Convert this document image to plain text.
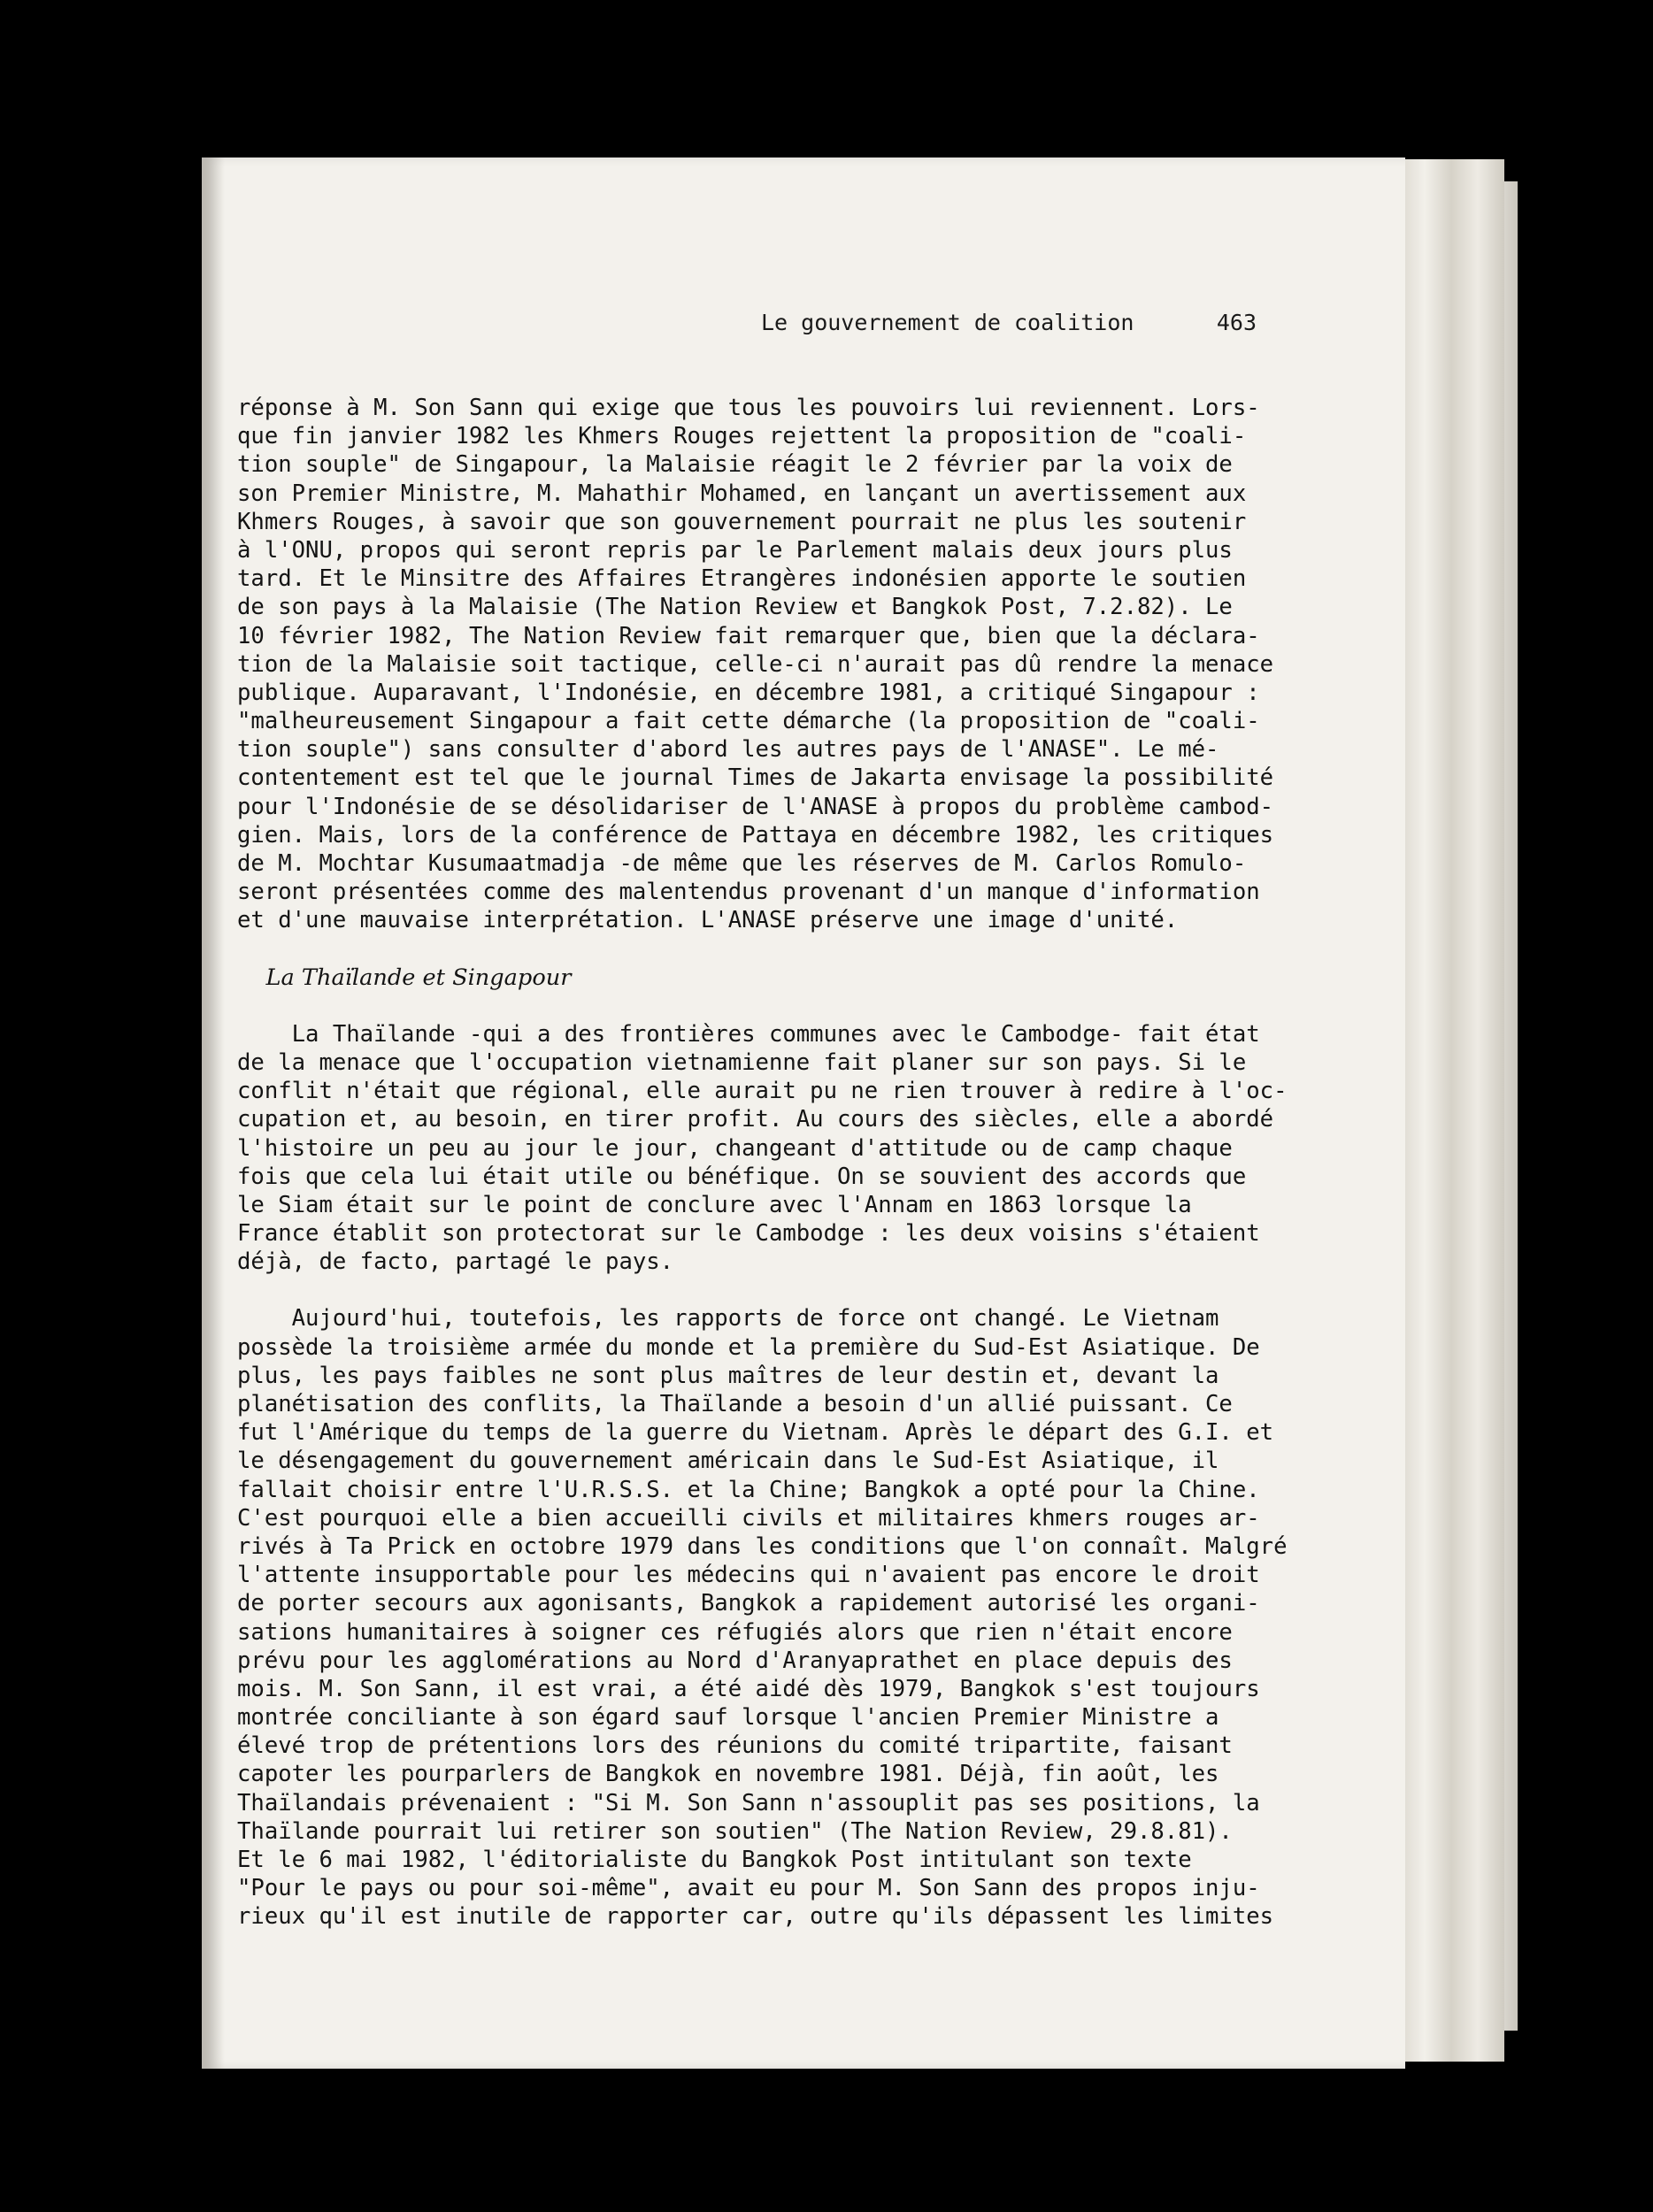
Le gouvernement de coalition	463
réponse à M. Son Sann qui exige que tous les pouvoirs lui reviennent. Lors-
que fin janvier 1982 les Khmers Rouges rejettent la proposition de "coali-
tion souple" de Singapour, la Malaisie réagit le 2 février par la voix de
son Premier Ministre, M. Mahathir Mohamed, en lançant un avertissement aux
Khmers Rouges, à savoir que son gouvernement pourrait ne plus les soutenir
à l'ONU, propos qui seront repris par le Parlement malais deux jours plus
tard. Et le Minsitre des Affaires Etrangères indonésien apporte le soutien
de son pays à la Malaisie (The Nation Review et Bangkok Post, 7.2.82). Le
10 février 1982, The Nation Review fait remarquer que, bien que la déclara-
tion de la Malaisie soit tactique, celle-ci n'aurait pas dû rendre la menace
publique. Auparavant, l'Indonésie, en décembre 1981, a critiqué Singapour :
"malheureusement Singapour a fait cette démarche (la proposition de "coali-
tion souple") sans consulter d'abord les autres pays de l'ANASE". Le mé-
contentement est tel que le journal Times de Jakarta envisage la possibilité
pour l'Indonésie de se désolidariser de l'ANASE à propos du problème cambod-
gien. Mais, lors de la conférence de Pattaya en décembre 1982, les critiques
de M. Mochtar Kusumaatmadja -de même que les réserves de M. Carlos Romulo-
seront présentées comme des malentendus provenant d'un manque d'information
et d'une mauvaise interprétation. L'ANASE préserve une image d'unité.
La Thaïlande et Singapour
La Thaïlande -qui a des frontières communes avec le Cambodge- fait état
de la menace que l'occupation vietnamienne fait planer sur son pays. Si le
conflit n'était que régional, elle aurait pu ne rien trouver à redire à l'oc-
cupation et, au besoin, en tirer profit. Au cours des siècles, elle a abordé
l'histoire un peu au jour le jour, changeant d'attitude ou de camp chaque
fois que cela lui était utile ou bénéfique. On se souvient des accords que
le Siam était sur le point de conclure avec l'Annam en 1863 lorsque la
France établit son protectorat sur le Cambodge : les deux voisins s'étaient
déjà, de facto, partagé le pays.
Aujourd'hui, toutefois, les rapports de force ont changé. Le Vietnam
possède la troisième armée du monde et la première du Sud-Est Asiatique. De
plus, les pays faibles ne sont plus maîtres de leur destin et, devant la
planétisation des conflits, la Thaïlande a besoin d'un allié puissant. Ce
fut l'Amérique du temps de la guerre du Vietnam. Après le départ des G.I. et
le désengagement du gouvernement américain dans le Sud-Est Asiatique, il
fallait choisir entre l'U.R.S.S. et la Chine; Bangkok a opté pour la Chine.
C'est pourquoi elle a bien accueilli civils et militaires khmers rouges ar-
rivés à Ta Prick en octobre 1979 dans les conditions que l'on connaît. Malgré
l'attente insupportable pour les médecins qui n'avaient pas encore le droit
de porter secours aux agonisants, Bangkok a rapidement autorisé les organi-
sations humanitaires à soigner ces réfugiés alors que rien n'était encore
prévu pour les agglomérations au Nord d'Aranyaprathet en place depuis des
mois. M. Son Sann, il est vrai, a été aidé dès 1979, Bangkok s'est toujours
montrée conciliante à son égard sauf lorsque l'ancien Premier Ministre a
élevé trop de prétentions lors des réunions du comité tripartite, faisant
capoter les pourparlers de Bangkok en novembre 1981. Déjà, fin août, les
Thaïlandais prévenaient : "Si M. Son Sann n'assouplit pas ses positions, la
Thaïlande pourrait lui retirer son soutien" (The Nation Review, 29.8.81).
Et le 6 mai 1982, l'éditorialiste du Bangkok Post intitulant son texte
"Pour le pays ou pour soi-même", avait eu pour M. Son Sann des propos inju-
rieux qu'il est inutile de rapporter car, outre qu'ils dépassent les limites
